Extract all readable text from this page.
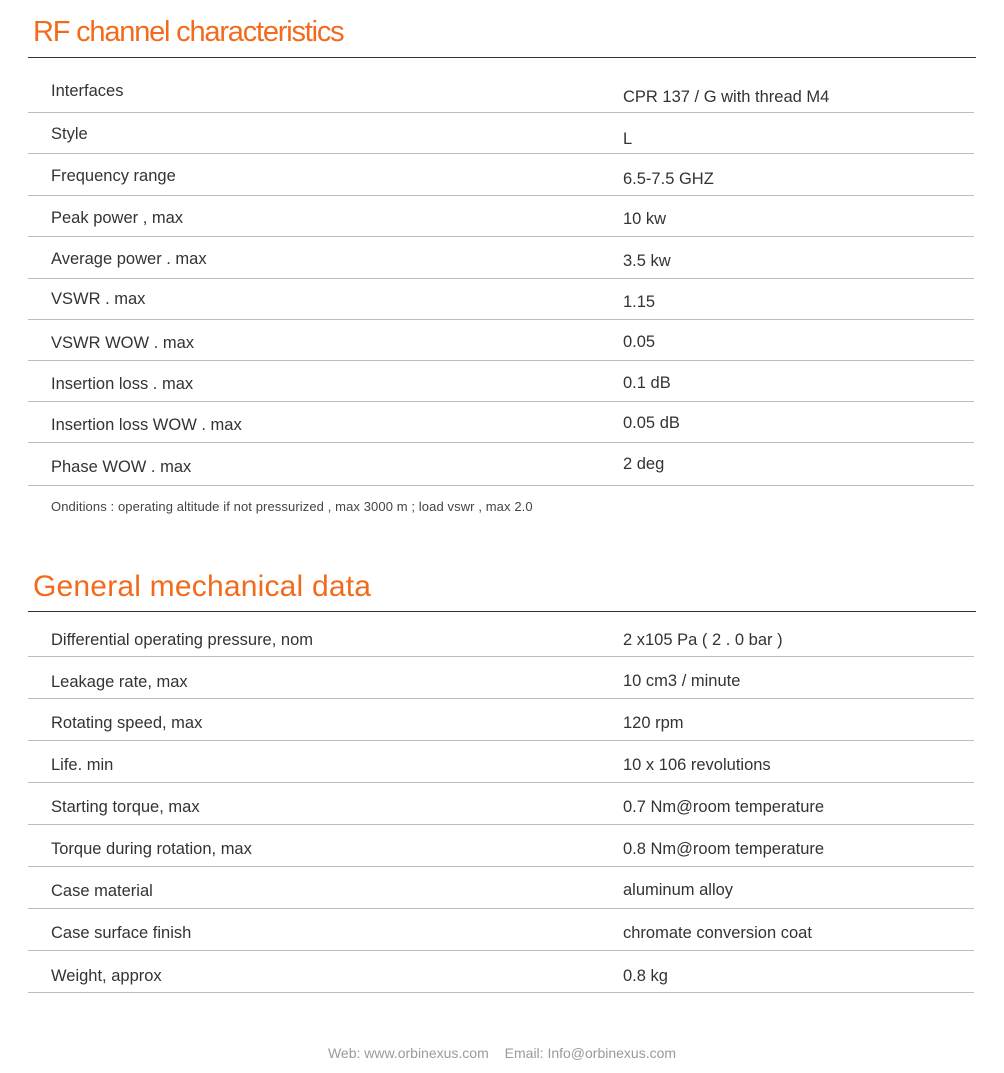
RF channel characteristics
Interfaces	CPR 137 / G with thread M4
Style	L
Frequency range	6.5-7.5 GHZ
Peak power , max	10 kw
Average power . max	3.5 kw
VSWR . max	1.15
VSWR WOW . max	0.05
Insertion loss . max	0.1 dB
Insertion loss WOW . max	0.05 dB
Phase WOW . max	2 deg
Onditions : operating altitude if not pressurized , max 3000 m ; load vswr , max 2.0
General mechanical data
Differential operating pressure, nom	2 x105 Pa ( 2 . 0 bar )
Leakage rate, max	10 cm3 / minute
Rotating speed, max	120 rpm
Life. min	10 x 106 revolutions
Starting torque, max	0.7 Nm@room temperature
Torque during rotation, max	0.8 Nm@room temperature
Case material	aluminum alloy
Case surface finish	chromate conversion coat
Weight, approx	0.8 kg
Web: www.orbinexus.com Email: Info@orbinexus.com
